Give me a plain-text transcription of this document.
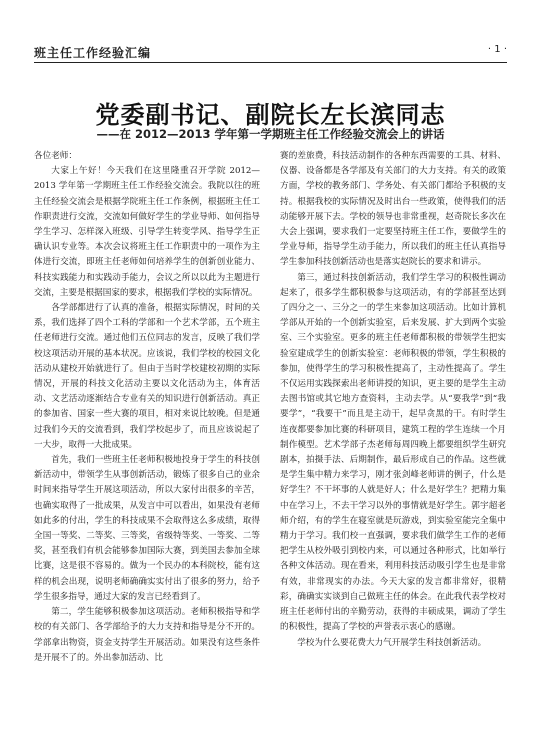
班主任工作经验汇编	· 1 ·
党委副书记、副院长左长滨同志
——在 2012—2013 学年第一学期班主任工作经验交流会上的讲话

各位老师：

大家上午好！今天我们在这里隆重召开学院 2012—2013 学年第一学期班主任工作经验交流会。我院以往的班主任经验交流会是根据学院班主任工作条例，根据班主任工作职责进行交流，交流如何做好学生的学业导师、如何指导学生学习、怎样深入班级、引导学生转变学风、指导学生正确认识专业等。本次会议将班主任工作职责中的一项作为主体进行交流，即班主任老师如何培养学生的创新创业能力、科技实践能力和实践动手能力，会议之所以以此为主题进行交流，主要是根据国家的要求，根据我们学校的实际情况。

各学部都进行了认真的准备，根据实际情况，时间的关系，我们选择了四个工科的学部和一个艺术学部，五个班主任老师进行交流。通过他们五位同志的发言，反映了我们学校这项活动开展的基本状况。应该说，我们学校的校园文化活动从建校开始就进行了。但由于当时学校建校初期的实际情况，开展的科技文化活动主要以文化活动为主，体育活动、文艺活动逐渐结合专业有关的知识进行创新活动。真正的参加省、国家一些大赛的项目，相对来说比较晚。但是通过我们今天的交流看到，我们学校起步了，而且应该说起了一大步，取得一大批成果。

首先，我们一些班主任老师积极地投身于学生的科技创新活动中，带领学生从事创新活动，锻炼了很多自己的业余时间来指导学生开展这项活动，所以大家付出很多的辛苦，也确实取得了一批成果，从发言中可以看出，如果没有老师如此多的付出，学生的科技成果不会取得这么多成绩，取得全国一等奖、二等奖、三等奖，省级特等奖、一等奖、二等奖，甚至我们有机会能够参加国际大赛，到美国去参加全球比赛，这是很不容易的。做为一个民办的本科院校，能有这样的机会出现，说明老师确确实实付出了很多的努力，给予学生很多指导，通过大家的发言已经看到了。

第二，学生能够积极参加这项活动。老师积极指导和学校的有关部门、各学部给予的大力支持和指导是分不开的。学部拿出物资，资金支持学生开展活动。如果没有这些条件是开展不了的。外出参加活动、比

赛的差旅费，科技活动制作的各种东西需要的工具、材料、仪器、设备都是各学部及有关部门的大力支持。有关的政策方面，学校的教务部门、学务处、有关部门都给予积极的支持。根据我校的实际情况及时出台一些政策，使得我们的活动能够开展下去。学校的领导也非常重视，赵奇院长多次在大会上强调，要求我们一定要坚持班主任工作，要做学生的学业导师，指导学生动手能力，所以我们的班主任认真指导学生参加科技创新活动也是落实赵院长的要求和讲示。

第三，通过科技创新活动，我们学生学习的积极性调动起来了，很多学生都积极参与这项活动，有的学部甚至达到了四分之一、三分之一的学生来参加这项活动。比如计算机学部从开始的一个创新实验室，后来发展、扩大到两个实验室、三个实验室。更多的班主任老师都积极的带领学生把实验室建成学生的创新实验室：老师积极的带领，学生积极的参加，使得学生的学习积极性提高了，主动性提高了。学生不仅运用实践探索出老师讲授的知识，更主要的是学生主动去图书馆或其它地方查资料，主动去学。从“要我学”到“我要学”，“我要干”而且是主动干，起早贪黑的干。有时学生连夜都要参加比赛的科研项目，建筑工程的学生连续一个月制作模型。艺术学部子杰老师每周四晚上都要组织学生研究剧本，拍摄手法、后期制作，最后形成自己的作品。这些就是学生集中精力来学习，刚才张剑峰老师讲的例子，什么是好学生？不干坏事的人就是好人；什么是好学生？把精力集中在学习上，不去干学习以外的事情就是好学生。郭宇超老师介绍，有的学生在寝室就是玩游戏，到实验室能完全集中精力于学习。我们校一直强调，要求我们做学生工作的老师把学生从校外吸引到校内来，可以通过各种形式，比如举行各种文体活动。现在看来，利用科技活动吸引学生也是非常有效，非常现实的办法。今天大家的发言都非常好，很精彩，确确实实谈到自己做班主任的体会。在此我代表学校对班主任老师付出的辛勤劳动，获得的丰硕成果，调动了学生的积极性，提高了学校的声誉表示衷心的感谢。

学校为什么要花费大力气开展学生科技创新活动。
